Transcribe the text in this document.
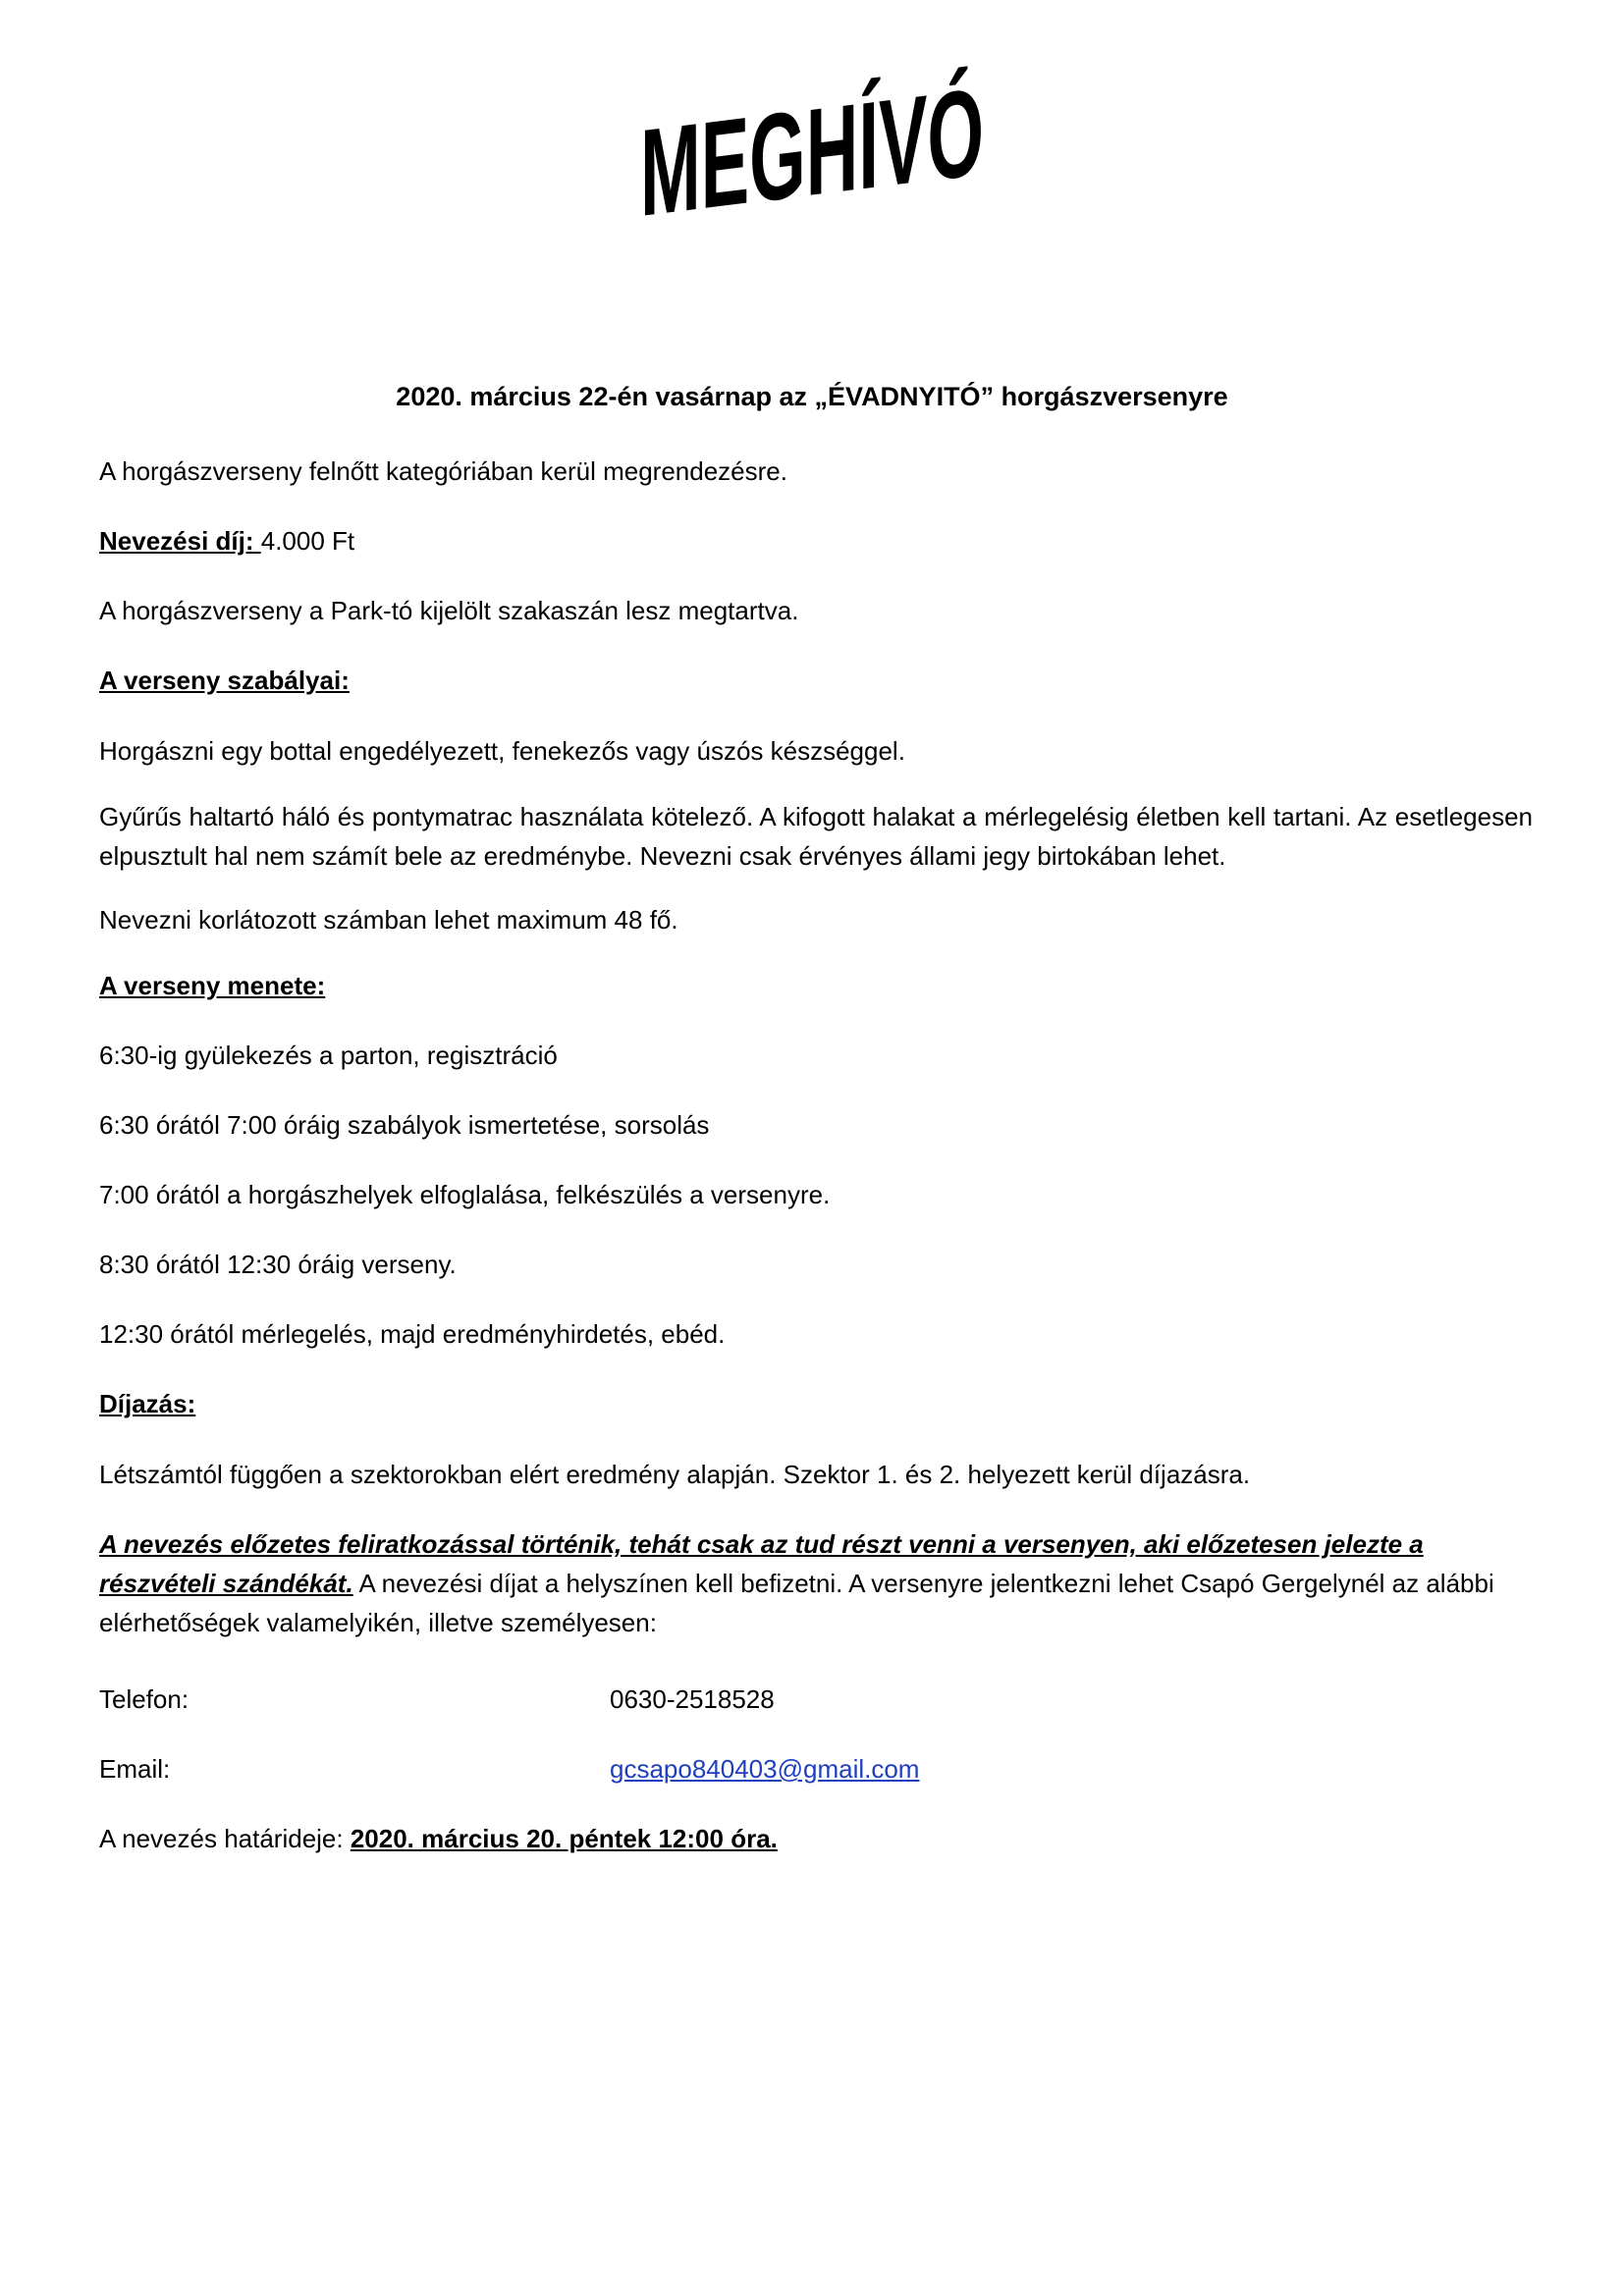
MEGHÍVÓ
2020. március 22-én vasárnap az „ÉVADNYITÓ” horgászversenyre
A horgászverseny felnőtt kategóriában kerül megrendezésre.
Nevezési díj: 4.000 Ft
A horgászverseny a Park-tó kijelölt szakaszán lesz megtartva.
A verseny szabályai:
Horgászni egy bottal engedélyezett, fenekezős vagy úszós készséggel.
Gyűrűs haltartó háló és pontymatrac használata kötelező. A kifogott halakat a mérlegelésig életben kell tartani. Az esetlegesen elpusztult hal nem számít bele az eredménybe. Nevezni csak érvényes állami jegy birtokában lehet.
Nevezni korlátozott számban lehet maximum 48 fő.
A verseny menete:
6:30-ig gyülekezés a parton, regisztráció
6:30 órától 7:00 óráig szabályok ismertetése, sorsolás
7:00 órától a horgászhelyek elfoglalása, felkészülés a versenyre.
8:30 órától 12:30 óráig verseny.
12:30 órától mérlegelés, majd eredményhirdetés, ebéd.
Díjazás:
Létszámtól függően a szektorokban elért eredmény alapján. Szektor 1. és 2. helyezett kerül díjazásra.
A nevezés előzetes feliratkozással történik, tehát csak az tud részt venni a versenyen, aki előzetesen jelezte a részvételi szándékát. A nevezési díjat a helyszínen kell befizetni. A versenyre jelentkezni lehet Csapó Gergelynél az alábbi elérhetőségek valamelyikén, illetve személyesen:
Telefon:	0630-2518528
Email:	gcsapo840403@gmail.com
A nevezés határideje: 2020. március 20. péntek 12:00 óra.
